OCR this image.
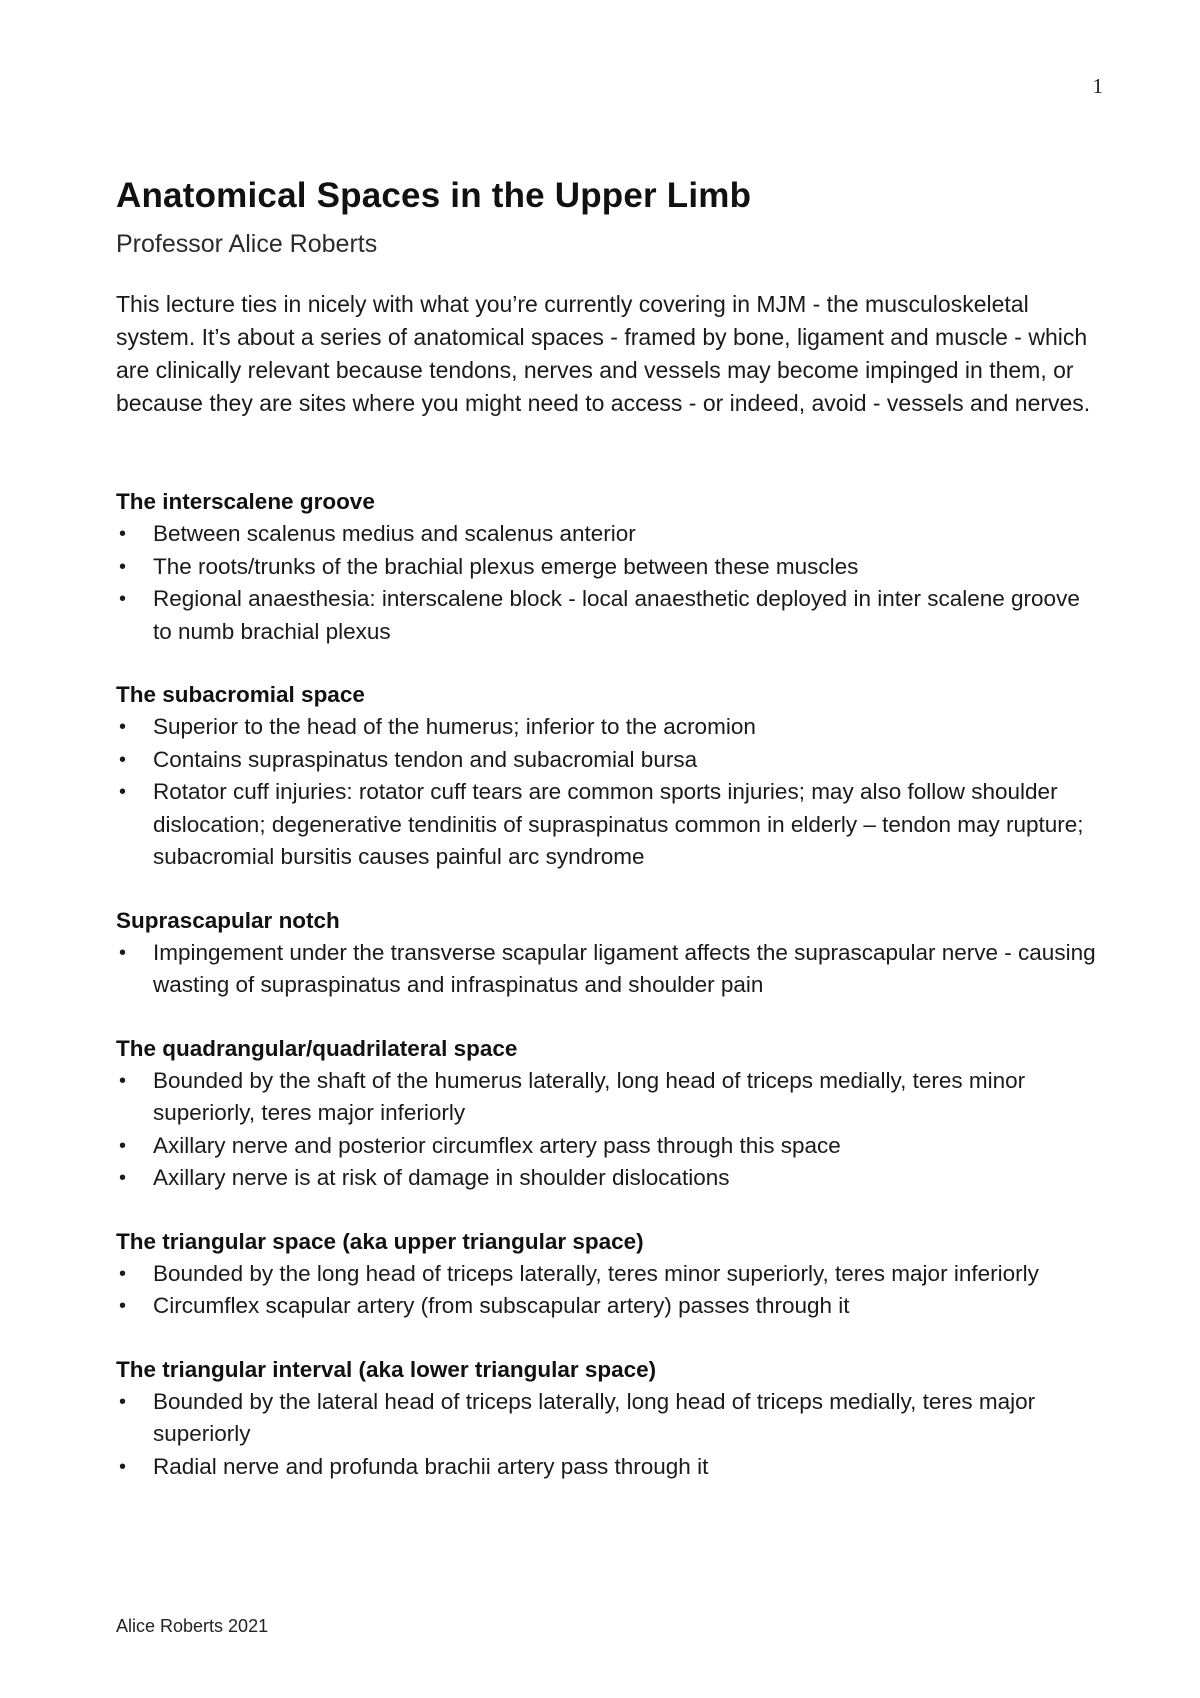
1
Anatomical Spaces in the Upper Limb

Professor Alice Roberts

This lecture ties in nicely with what you’re currently covering in MJM - the musculoskeletal system. It’s about a series of anatomical spaces - framed by bone, ligament and muscle - which are clinically relevant because tendons, nerves and vessels may become impinged in them, or because they are sites where you might need to access - or indeed, avoid - vessels and nerves.

The interscalene groove
• Between scalenus medius and scalenus anterior
• The roots/trunks of the brachial plexus emerge between these muscles
• Regional anaesthesia: interscalene block - local anaesthetic deployed in inter scalene groove to numb brachial plexus
The subacromial space
• Superior to the head of the humerus; inferior to the acromion
• Contains supraspinatus tendon and subacromial bursa
• Rotator cuff injuries: rotator cuff tears are common sports injuries; may also follow shoulder dislocation; degenerative tendinitis of supraspinatus common in elderly – tendon may rupture; subacromial bursitis causes painful arc syndrome
Suprascapular notch
• Impingement under the transverse scapular ligament affects the suprascapular nerve - causing wasting of supraspinatus and infraspinatus and shoulder pain
The quadrangular/quadrilateral space
• Bounded by the shaft of the humerus laterally, long head of triceps medially, teres minor superiorly, teres major inferiorly
• Axillary nerve and posterior circumflex artery pass through this space
• Axillary nerve is at risk of damage in shoulder dislocations
The triangular space (aka upper triangular space)
• Bounded by the long head of triceps laterally, teres minor superiorly, teres major inferiorly
• Circumflex scapular artery (from subscapular artery) passes through it
The triangular interval (aka lower triangular space)
• Bounded by the lateral head of triceps laterally, long head of triceps medially, teres major superiorly
• Radial nerve and profunda brachii artery pass through it
Alice Roberts 2021
